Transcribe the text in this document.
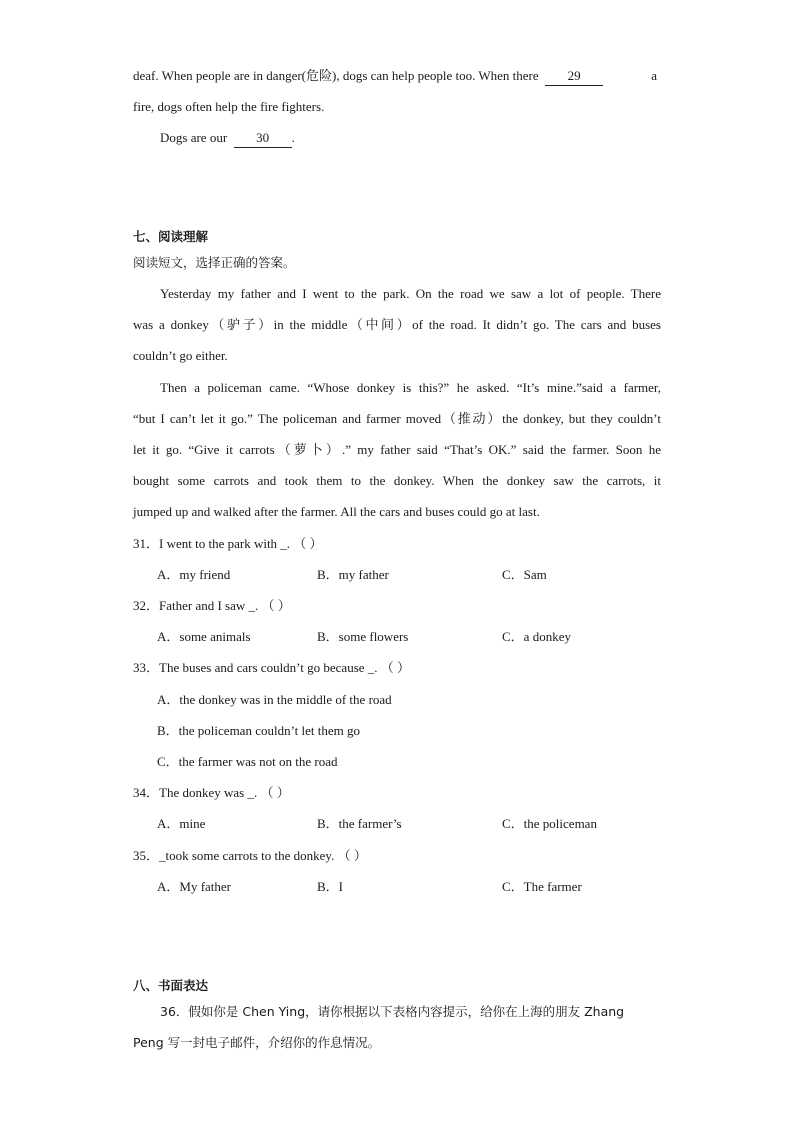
deaf. When people are in danger(危险), dogs can help people too. When there 29	a
fire, dogs often help the fire fighters.
Dogs are our 30 .
七、阅读理解
阅读短文，选择正确的答案。
Yesterday my father and I went to the park. On the road we saw a lot of people. There
was a donkey（驴子）in the middle（中间）of the road. It didn’t go. The cars and buses
couldn’t go either.
Then a policeman came. “Whose donkey is this?” he asked. “It’s mine.”said a farmer,
“but I can’t let it go.” The policeman and farmer moved（推动）the donkey, but they couldn’t
let it go. “Give it carrots（萝卜）.” my father said “That’s OK.” said the farmer. Soon he
bought some carrots and took them to the donkey. When the donkey saw the carrots, it
jumped up and walked after the farmer. All the cars and buses could go at last.
31．I went to the park with _. （ ）
A．my friend	B．my father	C．Sam
32．Father and I saw _. （ ）
A．some animals	B．some flowers	C．a donkey
33．The buses and cars couldn’t go because _. （ ）
A．the donkey was in the middle of the road
B．the policeman couldn’t let them go
C．the farmer was not on the road
34．The donkey was _. （ ）
A．mine	B．the farmer’s	C．the policeman
35．_took some carrots to the donkey. （ ）
A．My father	B．I	C．The farmer
八、书面表达
36．假如你是 Chen Ying，请你根据以下表格内容提示，给你在上海的朋友 Zhang
Peng 写一封电子邮件，介绍你的作息情况。
